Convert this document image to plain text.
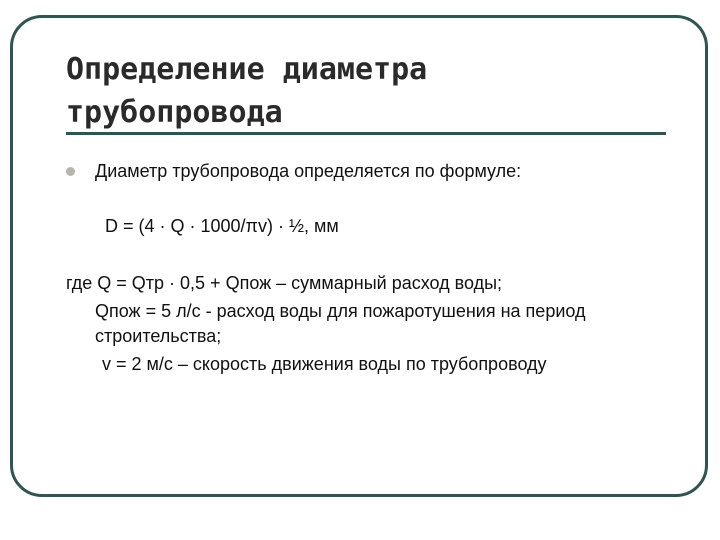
Определение диаметра
трубопровода
Диаметр трубопровода определяется по формуле:
D = (4 · Q · 1000/πv) · ½, мм
где Q = Qтр · 0,5 + Qпож – суммарный расход воды;
Qпож = 5 л/с - расход воды для пожаротушения на период
строительства;
v = 2 м/с – скорость движения воды по трубопроводу
